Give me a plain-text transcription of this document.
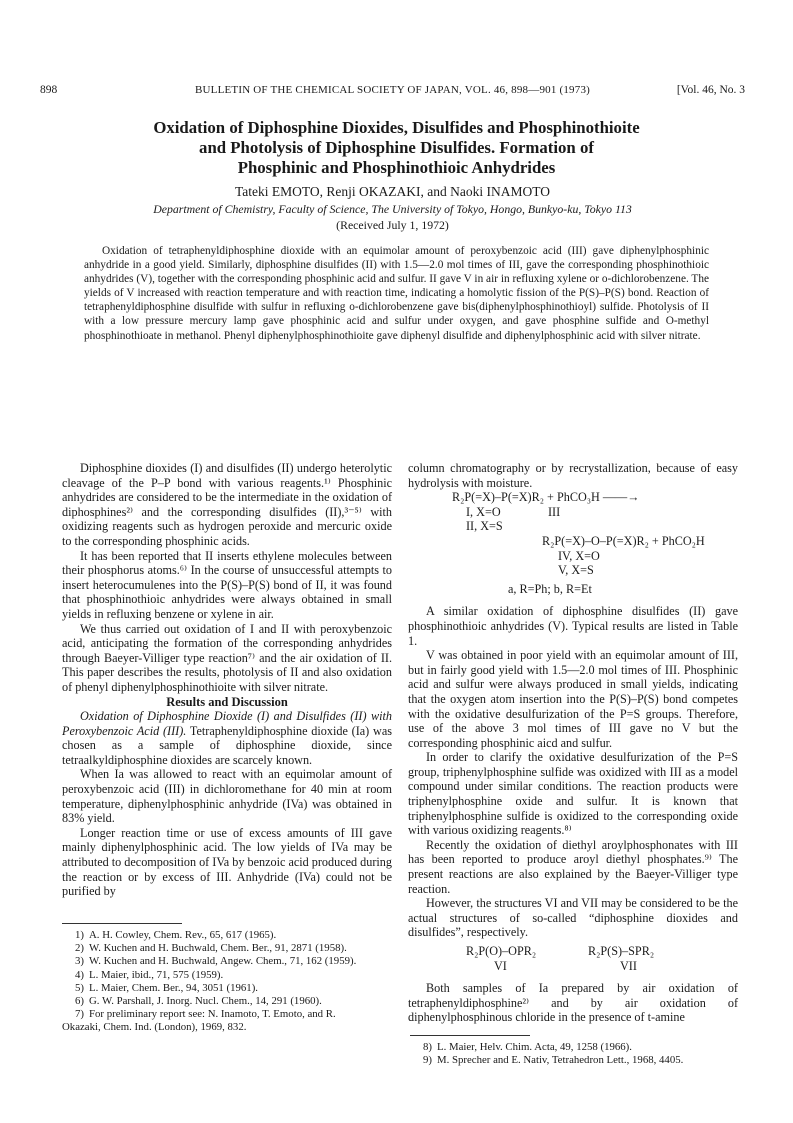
898	BULLETIN OF THE CHEMICAL SOCIETY OF JAPAN, VOL. 46, 898—901 (1973)	[Vol. 46, No. 3
Oxidation of Diphosphine Dioxides, Disulfides and Phosphinothioite
and Photolysis of Diphosphine Disulfides. Formation of
Phosphinic and Phosphinothioic Anhydrides
Tateki EMOTO, Renji OKAZAKI, and Naoki INAMOTO
Department of Chemistry, Faculty of Science, The University of Tokyo, Hongo, Bunkyo-ku, Tokyo 113
(Received July 1, 1972)
Oxidation of tetraphenyldiphosphine dioxide with an equimolar amount of peroxybenzoic acid (III) gave diphenylphosphinic anhydride in a good yield. Similarly, diphosphine disulfides (II) with 1.5—2.0 mol times of III, gave the corresponding phosphinothioic anhydrides (V), together with the corresponding phosphinic acid and sulfur. II gave V in air in refluxing xylene or o-dichlorobenzene. The yields of V increased with reaction temperature and with reaction time, indicating a homolytic fission of the P(S)–P(S) bond. Reaction of tetraphenyldiphosphine disulfide with sulfur in refluxing o-dichlorobenzene gave bis(diphenylphosphinothioyl) sulfide. Photolysis of II with a low pressure mercury lamp gave phosphinic acid and sulfur under oxygen, and gave phosphine sulfide and O-methyl phosphinothioate in methanol. Phenyl diphenylphosphinothioite gave diphenyl disulfide and diphenylphosphinic acid with silver nitrate.

Diphosphine dioxides (I) and disulfides (II) undergo heterolytic cleavage of the P–P bond with various reagents.¹⁾ Phosphinic anhydrides are considered to be the intermediate in the oxidation of diphosphines²⁾ and the corresponding disulfides (II),³⁻⁵⁾ with oxidizing reagents such as hydrogen peroxide and mercuric oxide to the corresponding phosphinic acids.

It has been reported that II inserts ethylene molecules between their phosphorus atoms.⁶⁾ In the course of unsuccessful attempts to insert heterocumulenes into the P(S)–P(S) bond of II, it was found that phosphinothioic anhydrides were always obtained in small yields in refluxing benzene or xylene in air.

We thus carried out oxidation of I and II with peroxybenzoic acid, anticipating the formation of the corresponding anhydrides through Baeyer-Villiger type reaction⁷⁾ and the air oxidation of II. This paper describes the results, photolysis of II and also oxidation of phenyl diphenylphosphinothioite with silver nitrate.

Results and Discussion

Oxidation of Diphosphine Dioxide (I) and Disulfides (II) with Peroxybenzoic Acid (III). Tetraphenyldiphosphine dioxide (Ia) was chosen as a sample of diphosphine dioxide, since tetraalkyldiphosphine dioxides are scarcely known.

When Ia was allowed to react with an equimolar amount of peroxybenzoic acid (III) in dichloromethane for 40 min at room temperature, diphenylphosphinic anhydride (IVa) was obtained in 83% yield.

Longer reaction time or use of excess amounts of III gave mainly diphenylphosphinic acid. The low yields of IVa may be attributed to decomposition of IVa by benzoic acid produced during the reaction or by excess of III. Anhydride (IVa) could not be purified by

column chromatography or by recrystallization, because of easy hydrolysis with moisture.

R₂P(=X)–P(=X)R₂ + PhCO₃H ——→
I, X=O	III
II, X=S
R₂P(=X)–O–P(=X)R₂ + PhCO₂H
IV, X=O
V, X=S
a, R=Ph; b, R=Et

A similar oxidation of diphosphine disulfides (II) gave phosphinothioic anhydrides (V). Typical results are listed in Table 1.

V was obtained in poor yield with an equimolar amount of III, but in fairly good yield with 1.5—2.0 mol times of III. Phosphinic acid and sulfur were always produced in small yields, indicating that the oxygen atom insertion into the P(S)–P(S) bond competes with the oxidative desulfurization of the P=S groups. Therefore, use of the above 3 mol times of III gave no V but the corresponding phosphinic aicd and sulfur.

In order to clarify the oxidative desulfurization of the P=S group, triphenylphosphine sulfide was oxidized with III as a model compound under similar conditions. The reaction products were triphenylphosphine oxide and sulfur. It is known that triphenylphosphine sulfide is oxidized to the corresponding oxide with various oxidizing reagents.⁸⁾

Recently the oxidation of diethyl aroylphosphonates with III has been reported to produce aroyl diethyl phosphates.⁹⁾ The present reactions are also explained by the Baeyer-Villiger type reaction.

However, the structures VI and VII may be considered to be the actual structures of so-called “diphosphine dioxides and disulfides”, respectively.

R₂P(O)–OPR₂	R₂P(S)–SPR₂
VI	VII

Both samples of Ia prepared by air oxidation of tetraphenyldiphosphine²⁾ and by air oxidation of diphenylphosphinous chloride in the presence of t-amine

1) A. H. Cowley, Chem. Rev., 65, 617 (1965).
2) W. Kuchen and H. Buchwald, Chem. Ber., 91, 2871 (1958).
3) W. Kuchen and H. Buchwald, Angew. Chem., 71, 162 (1959).
4) L. Maier, ibid., 71, 575 (1959).
5) L. Maier, Chem. Ber., 94, 3051 (1961).
6) G. W. Parshall, J. Inorg. Nucl. Chem., 14, 291 (1960).
7) For preliminary report see: N. Inamoto, T. Emoto, and R.
Okazaki, Chem. Ind. (London), 1969, 832.
8) L. Maier, Helv. Chim. Acta, 49, 1258 (1966).
9) M. Sprecher and E. Nativ, Tetrahedron Lett., 1968, 4405.
